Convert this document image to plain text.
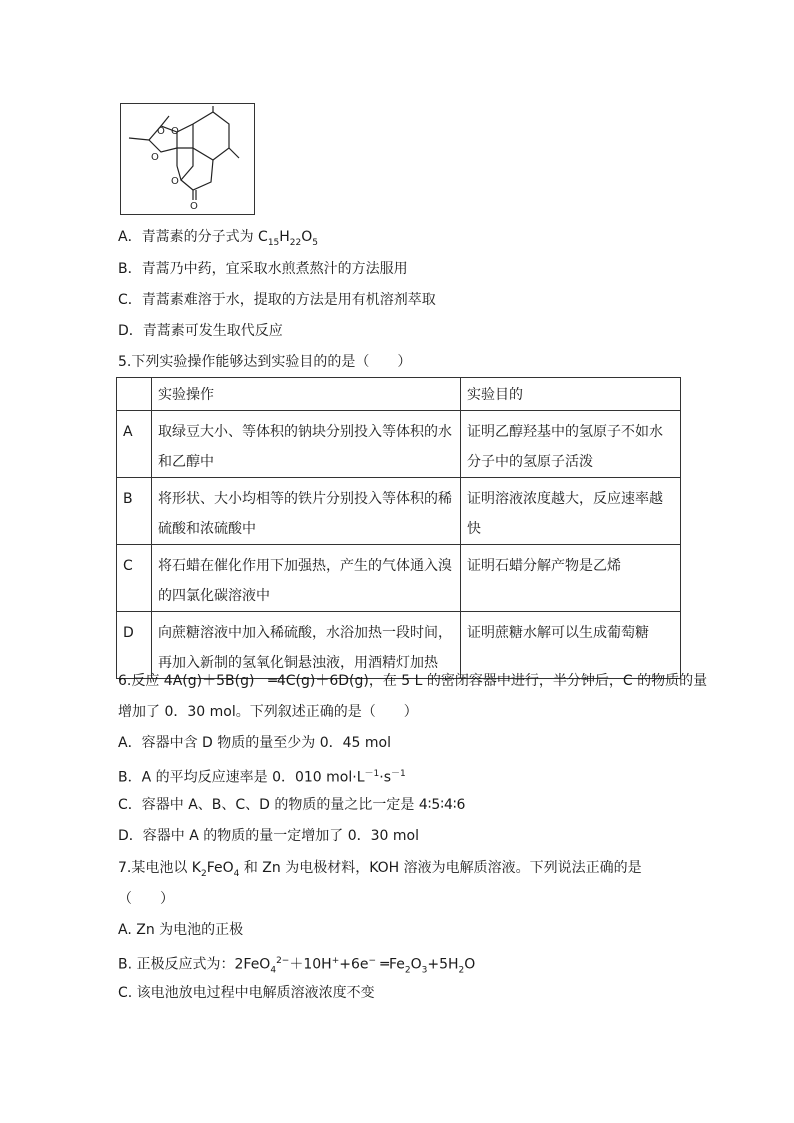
O O
O
O
O
A．青蒿素的分子式为 $C_{15}H_{22}O_5$
B．青蒿乃中药，宜采取水煎煮熬汁的方法服用
C．青蒿素难溶于水，提取的方法是用有机溶剂萃取
D．青蒿素可发生取代反应
5.下列实验操作能够达到实验目的的是（　　）
	实验操作	实验目的
A	取绿豆大小、等体积的钠块分别投入等体积的水和乙醇中	证明乙醇羟基中的氢原子不如水分子中的氢原子活泼
B	将形状、大小均相等的铁片分别投入等体积的稀硫酸和浓硫酸中	证明溶液浓度越大，反应速率越快
C	将石蜡在催化作用下加强热，产生的气体通入溴的四氯化碳溶液中	证明石蜡分解产物是乙烯
D	向蔗糖溶液中加入稀硫酸，水浴加热一段时间，再加入新制的氢氧化铜悬浊液，用酒精灯加热	证明蔗糖水解可以生成葡萄糖
6.反应 4A(g)＋5B(g)　═4C(g)＋6D(g)，在 5 L 的密闭容器中进行，半分钟后，C 的物质的量
增加了 0．30 mol。下列叙述正确的是（　　）
A．容器中含 D 物质的量至少为 0．45 mol
B．A 的平均反应速率是 0．010 $mol\cdot L^{-1}\cdot s^{-1}$
C．容器中 A、B、C、D 的物质的量之比一定是 4∶5∶4∶6
D．容器中 A 的物质的量一定增加了 0．30 mol
7.某电池以 $K_2FeO_4$ 和 Zn 为电极材料，KOH 溶液为电解质溶液。下列说法正确的是
（　　）
A. Zn 为电池的正极
B. 正极反应式为：2FeO$_4^{2-}$＋10H++6e− $═Fe_2O_3+5H_2O$
C. 该电池放电过程中电解质溶液浓度不变
